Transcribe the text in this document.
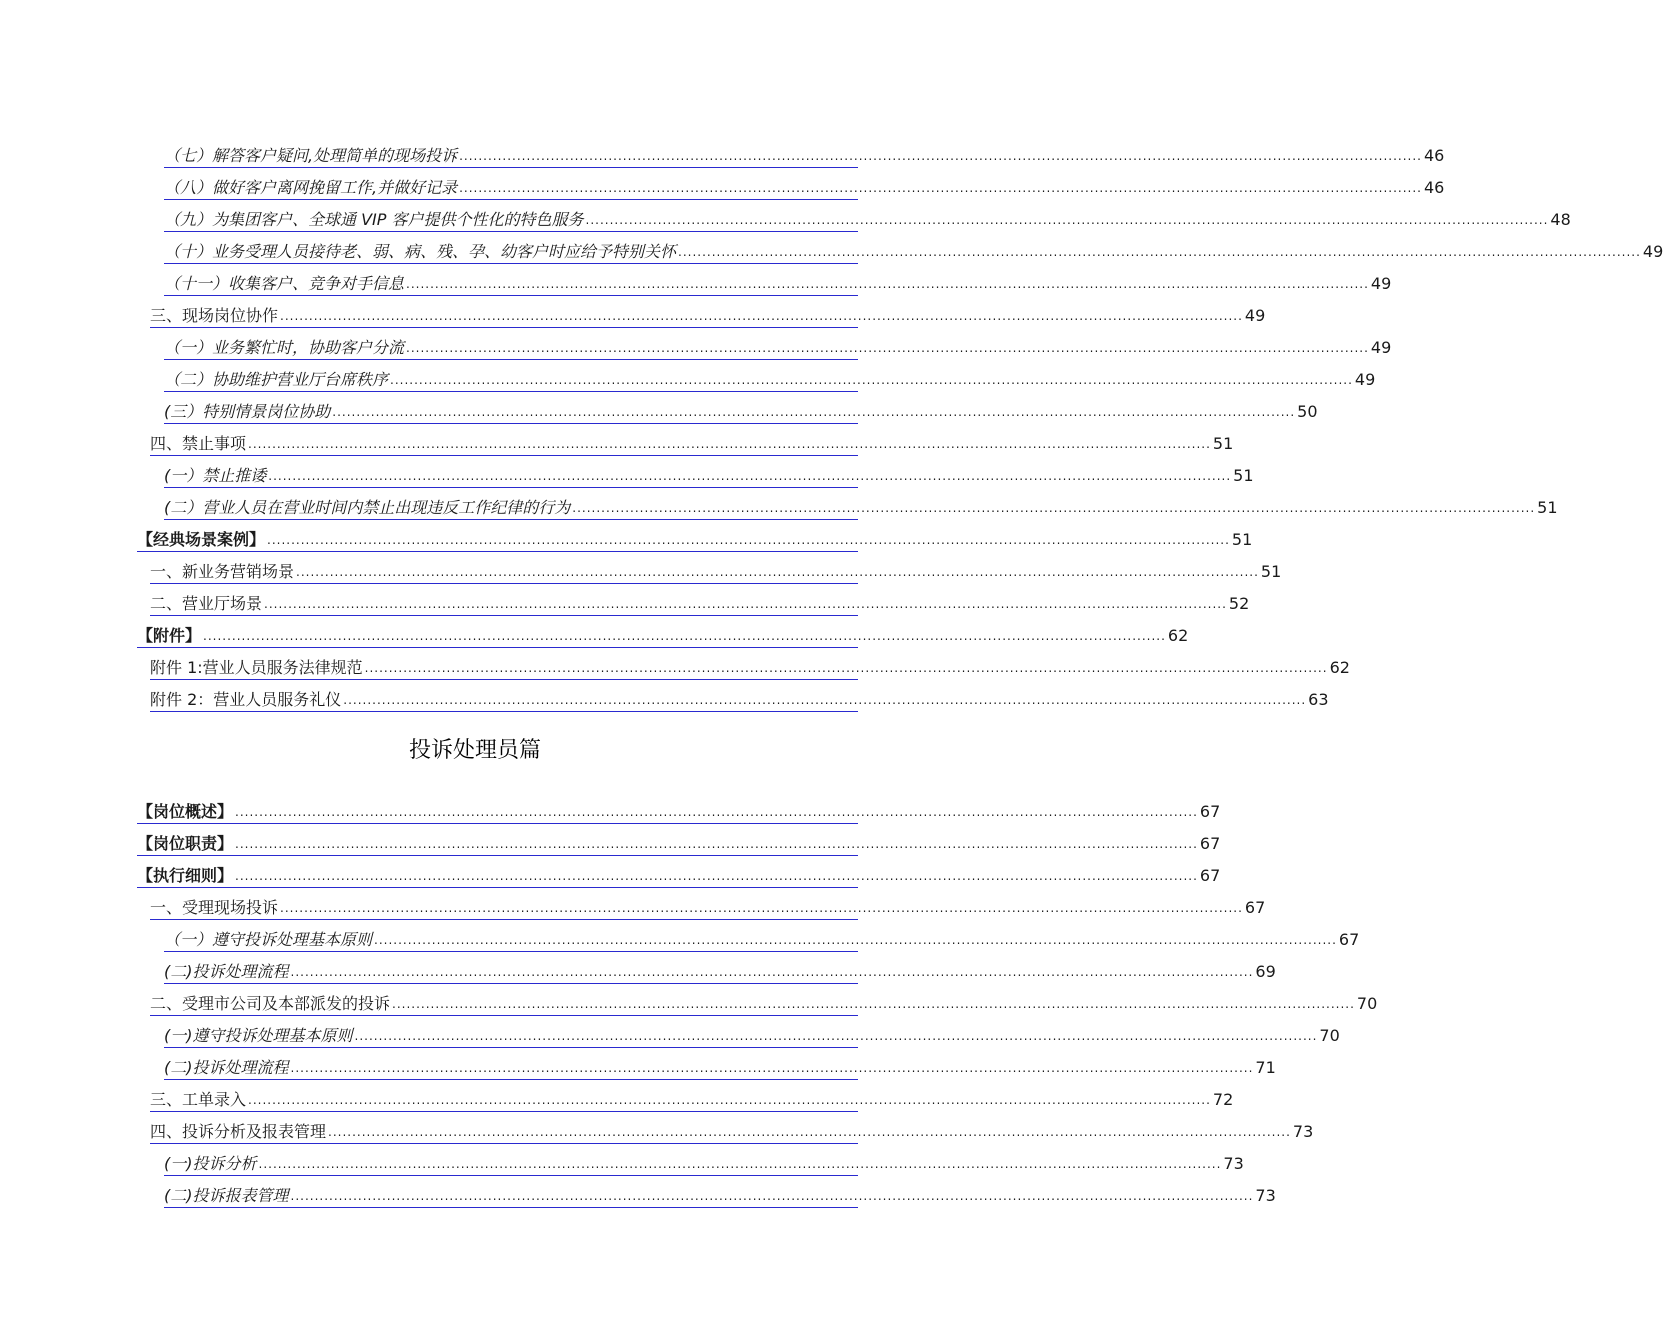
（七）解答客户疑问,处理简单的现场投诉 ........................................................................................................................................................................................................ 46
（八）做好客户离网挽留工作,并做好记录 ........................................................................................................................................................................................................ 46
（九）为集团客户、全球通 VIP 客户提供个性化的特色服务 ........................................................................................................................................................................................................ 48
（十）业务受理人员接待老、弱、病、残、孕、幼客户时应给予特别关怀 ........................................................................................................................................................................................................ 49
（十一）收集客户、竞争对手信息 ........................................................................................................................................................................................................ 49
三、现场岗位协作 ........................................................................................................................................................................................................ 49
（一）业务繁忙时，协助客户分流 ........................................................................................................................................................................................................ 49
（二）协助维护营业厅台席秩序 ........................................................................................................................................................................................................ 49
(三）特别情景岗位协助 ........................................................................................................................................................................................................ 50
四、禁止事项 ........................................................................................................................................................................................................ 51
(一）禁止推诿 ........................................................................................................................................................................................................ 51
(二）营业人员在营业时间内禁止出现违反工作纪律的行为 ........................................................................................................................................................................................................ 51
【经典场景案例】 ........................................................................................................................................................................................................ 51
一、新业务营销场景 ........................................................................................................................................................................................................ 51
二、营业厅场景 ........................................................................................................................................................................................................ 52
【附件】 ........................................................................................................................................................................................................ 62
附件 1:营业人员服务法律规范 ........................................................................................................................................................................................................ 62
附件 2：营业人员服务礼仪 ........................................................................................................................................................................................................ 63
投诉处理员篇
【岗位概述】 ........................................................................................................................................................................................................ 67
【岗位职责】 ........................................................................................................................................................................................................ 67
【执行细则】 ........................................................................................................................................................................................................ 67
一、受理现场投诉 ........................................................................................................................................................................................................ 67
（一）遵守投诉处理基本原则 ........................................................................................................................................................................................................ 67
(二)投诉处理流程 ........................................................................................................................................................................................................ 69
二、受理市公司及本部派发的投诉 ........................................................................................................................................................................................................ 70
(一)遵守投诉处理基本原则 ........................................................................................................................................................................................................ 70
(二)投诉处理流程 ........................................................................................................................................................................................................ 71
三、工单录入 ........................................................................................................................................................................................................ 72
四、投诉分析及报表管理 ........................................................................................................................................................................................................ 73
(一)投诉分析 ........................................................................................................................................................................................................ 73
(二)投诉报表管理 ........................................................................................................................................................................................................ 73
